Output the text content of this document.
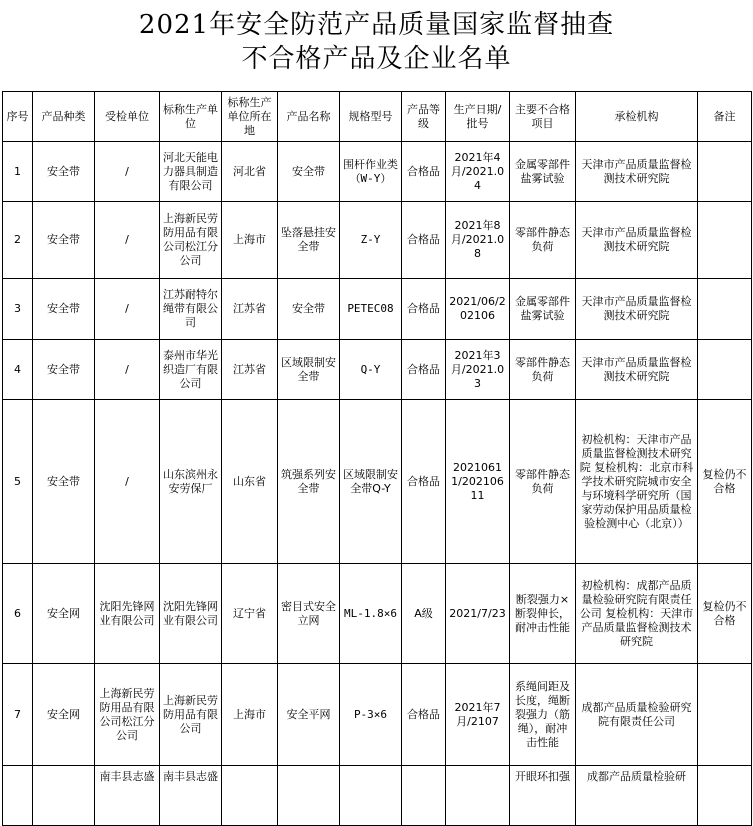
2021年安全防范产品质量国家监督抽查
不合格产品及企业名单
序号	产品种类	受检单位	标称生产单位	标称生产单位所在地	产品名称	规格型号	产品等级	生产日期/批号	主要不合格项目	承检机构	备注
1	安全带	/	河北天能电力器具制造有限公司	河北省	安全带	围杆作业类（W-Y）	合格品	2021年4月/2021.04	金属零部件盐雾试验	天津市产品质量监督检测技术研究院	
2	安全带	/	上海新民劳防用品有限公司松江分公司	上海市	坠落悬挂安全带	Z-Y	合格品	2021年8月/2021.08	零部件静态负荷	天津市产品质量监督检测技术研究院	
3	安全带	/	江苏耐特尔绳带有限公司	江苏省	安全带	PETEC08	合格品	2021/06/202106	金属零部件盐雾试验	天津市产品质量监督检测技术研究院	
4	安全带	/	泰州市华光织造厂有限公司	江苏省	区域限制安全带	Q-Y	合格品	2021年3月/2021.03	零部件静态负荷	天津市产品质量监督检测技术研究院	
5	安全带	/	山东滨州永安劳保厂	山东省	筑强系列安全带	区域限制安全带Q-Y	合格品	20210611/20210611	零部件静态负荷	初检机构：天津市产品质量监督检测技术研究院 复检机构：北京市科学技术研究院城市安全与环境科学研究所（国家劳动保护用品质量检验检测中心（北京））	复检仍不合格
6	安全网	沈阳先锋网业有限公司	沈阳先锋网业有限公司	辽宁省	密目式安全立网	ML-1.8×6	A级	2021/7/23	断裂强力×断裂伸长，耐冲击性能	初检机构：成都产品质量检验研究院有限责任公司 复检机构：天津市产品质量监督检测技术研究院	复检仍不合格
7	安全网	上海新民劳防用品有限公司松江分公司	上海新民劳防用品有限公司	上海市	安全平网	P-3×6	合格品	2021年7月/2107	系绳间距及长度，绳断裂强力（筋绳），耐冲击性能	成都产品质量检验研究院有限责任公司	
		南丰县志盛	南丰县志盛						开眼环扣强	成都产品质量检验研	
